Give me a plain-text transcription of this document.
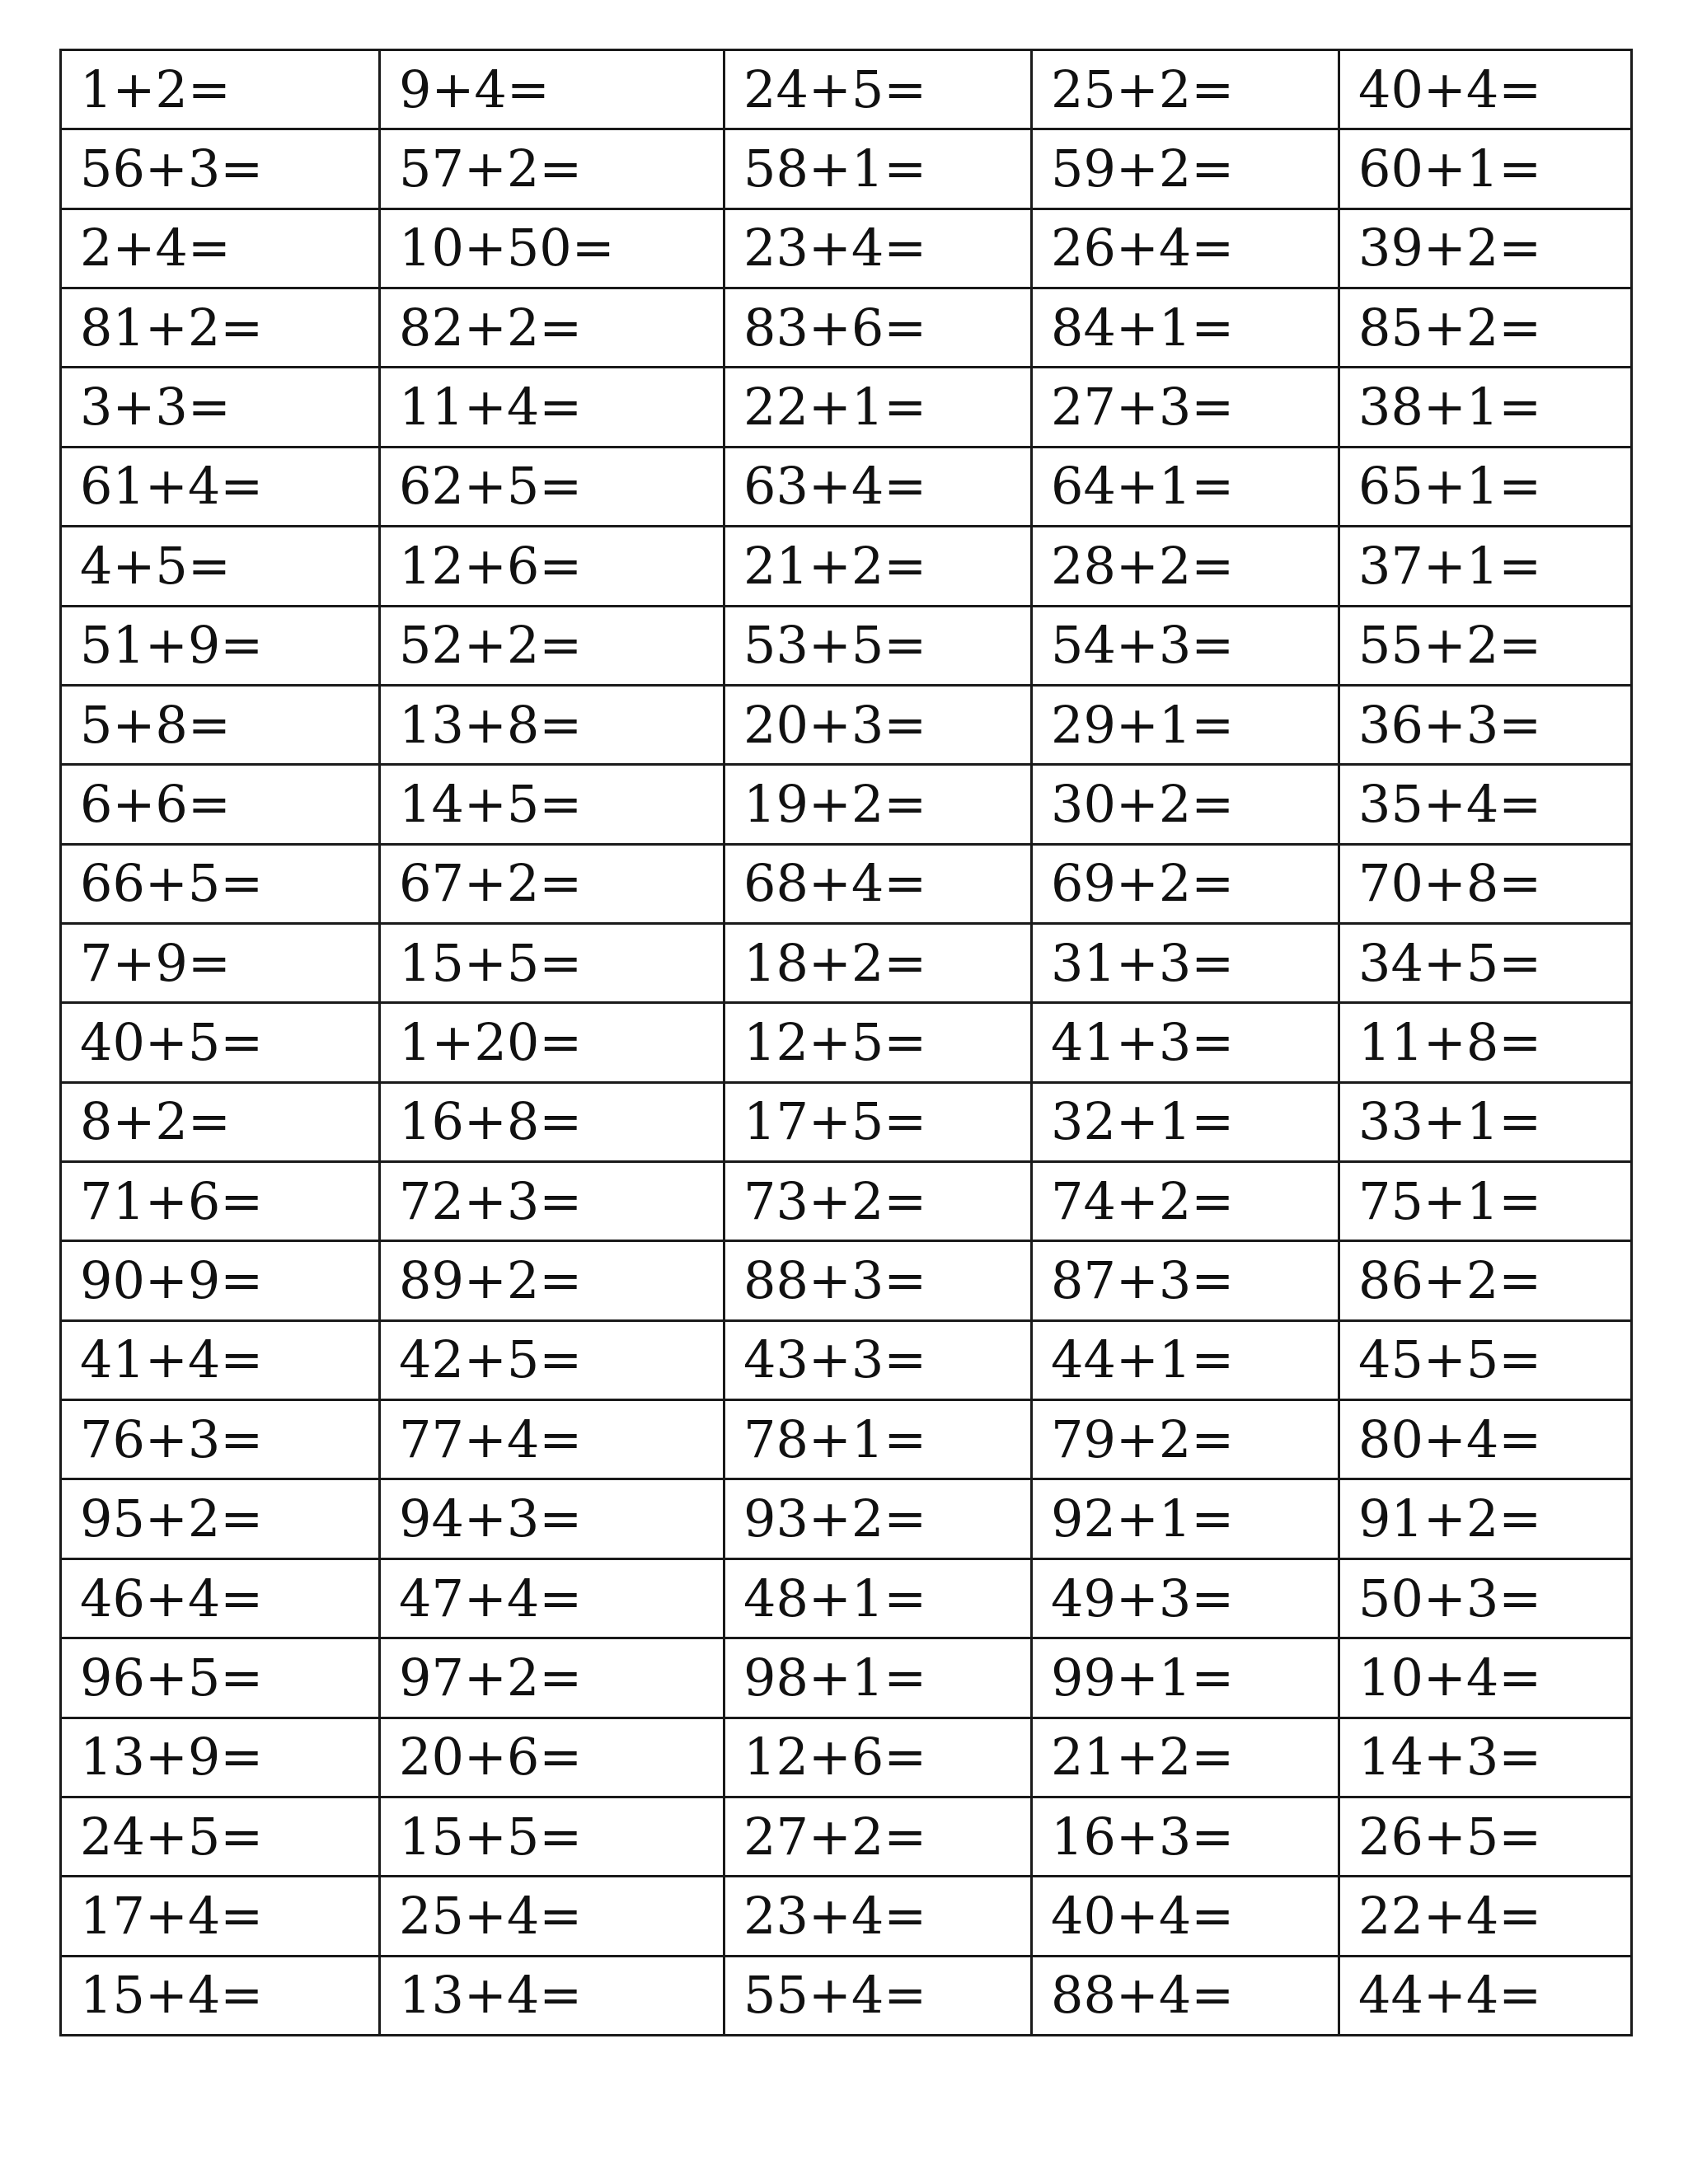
1+2=	9+4=	24+5=	25+2=	40+4=
56+3=	57+2=	58+1=	59+2=	60+1=
2+4=	10+50=	23+4=	26+4=	39+2=
81+2=	82+2=	83+6=	84+1=	85+2=
3+3=	11+4=	22+1=	27+3=	38+1=
61+4=	62+5=	63+4=	64+1=	65+1=
4+5=	12+6=	21+2=	28+2=	37+1=
51+9=	52+2=	53+5=	54+3=	55+2=
5+8=	13+8=	20+3=	29+1=	36+3=
6+6=	14+5=	19+2=	30+2=	35+4=
66+5=	67+2=	68+4=	69+2=	70+8=
7+9=	15+5=	18+2=	31+3=	34+5=
40+5=	1+20=	12+5=	41+3=	11+8=
8+2=	16+8=	17+5=	32+1=	33+1=
71+6=	72+3=	73+2=	74+2=	75+1=
90+9=	89+2=	88+3=	87+3=	86+2=
41+4=	42+5=	43+3=	44+1=	45+5=
76+3=	77+4=	78+1=	79+2=	80+4=
95+2=	94+3=	93+2=	92+1=	91+2=
46+4=	47+4=	48+1=	49+3=	50+3=
96+5=	97+2=	98+1=	99+1=	10+4=
13+9=	20+6=	12+6=	21+2=	14+3=
24+5=	15+5=	27+2=	16+3=	26+5=
17+4=	25+4=	23+4=	40+4=	22+4=
15+4=	13+4=	55+4=	88+4=	44+4=
